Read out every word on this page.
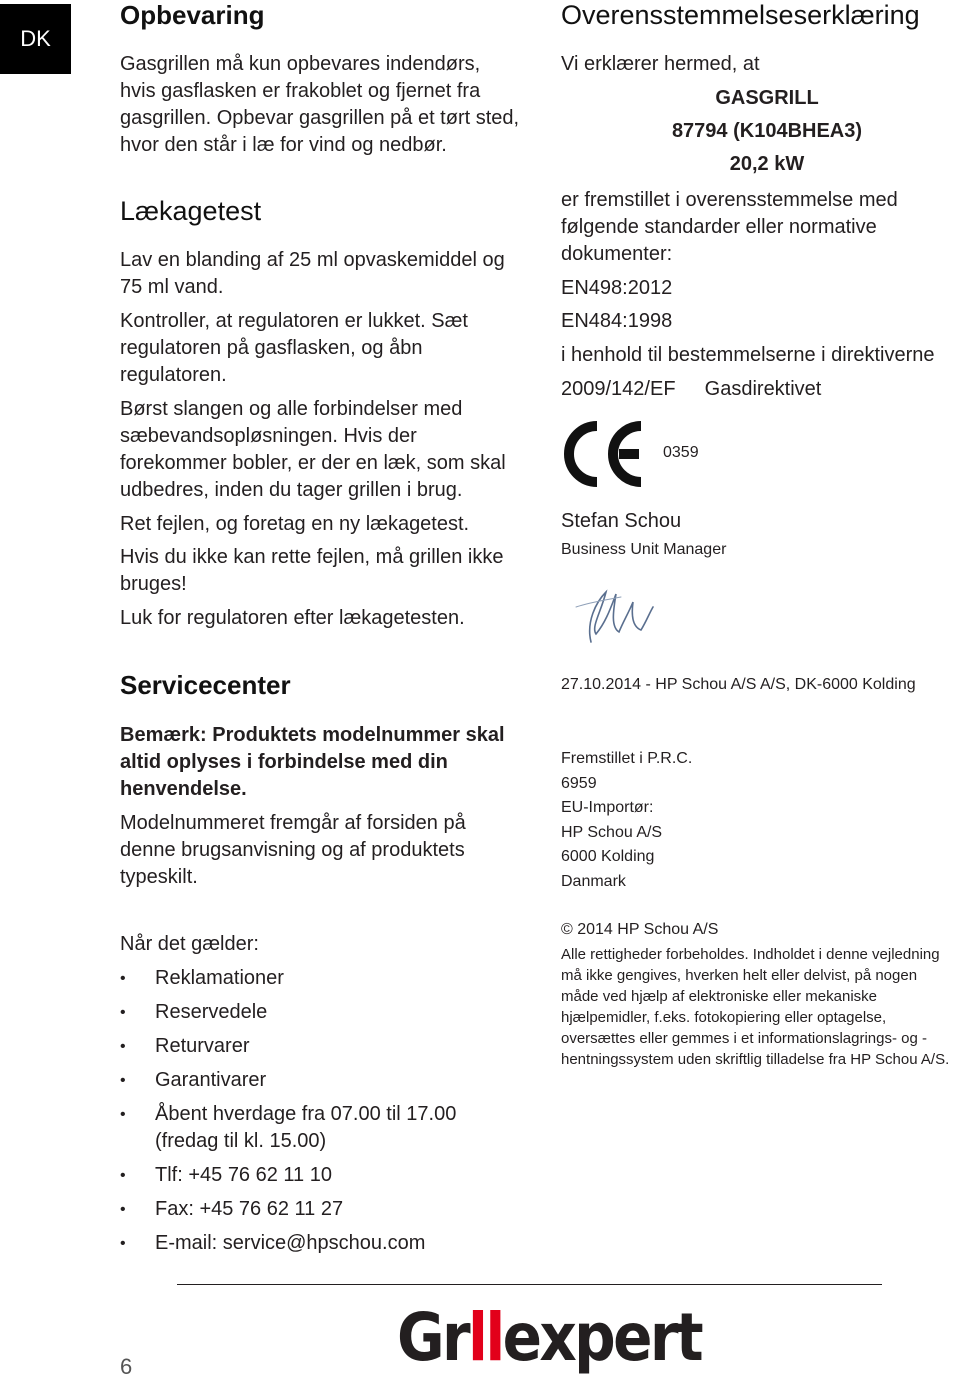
DK
Opbevaring

Gasgrillen må kun opbevares indendørs, hvis gasflasken er frakoblet og fjernet fra gasgrillen. Opbevar gasgrillen på et tørt sted, hvor den står i læ for vind og nedbør.

Lækagetest

Lav en blanding af 25 ml opvaskemiddel og 75 ml vand.

Kontroller, at regulatoren er lukket. Sæt regulatoren på gasflasken, og åbn regulatoren.

Børst slangen og alle forbindelser med sæbevandsopløsningen. Hvis der forekommer bobler, er der en læk, som skal udbedres, inden du tager grillen i brug.

Ret fejlen, og foretag en ny lækagetest.

Hvis du ikke kan rette fejlen, må grillen ikke bruges!

Luk for regulatoren efter lækagetesten.

Servicecenter

Bemærk: Produktets modelnummer skal altid oplyses i forbindelse med din henvendelse.

Modelnummeret fremgår af forsiden på denne brugsanvisning og af produktets typeskilt.

Når det gælder:

• Reklamationer
• Reservedele
• Returvarer
• Garantivarer
• Åbent hverdage fra 07.00 til 17.00 (fredag til kl. 15.00)
• Tlf: +45 76 62 11 10
• Fax: +45 76 62 11 27
• E-mail: service@hpschou.com
Overensstemmelseserklæring

Vi erklærer hermed, at

GASGRILL
87794 (K104BHEA3)
20,2 kW

er fremstillet i overensstemmelse med følgende standarder eller normative dokumenter:

EN498:2012

EN484:1998

i henhold til bestemmelserne i direktiverne

2009/142/EF Gasdirektivet

0359

Stefan Schou

Business Unit Manager

27.10.2014 - HP Schou A/S A/S, DK-6000 Kolding

Fremstillet i P.R.C.

6959

EU-Importør:

HP Schou A/S

6000 Kolding

Danmark

© 2014 HP Schou A/S

Alle rettigheder forbeholdes. Indholdet i denne vejledning må ikke gengives, hverken helt eller delvist, på nogen måde ved hjælp af elektroniske eller mekaniske hjælpemidler, f.eks. fotokopiering eller optagelse, oversættes eller gemmes i et informationslagrings- og -hentningssystem uden skriftlig tilladelse fra HP Schou A/S.

6	Grllexpert
